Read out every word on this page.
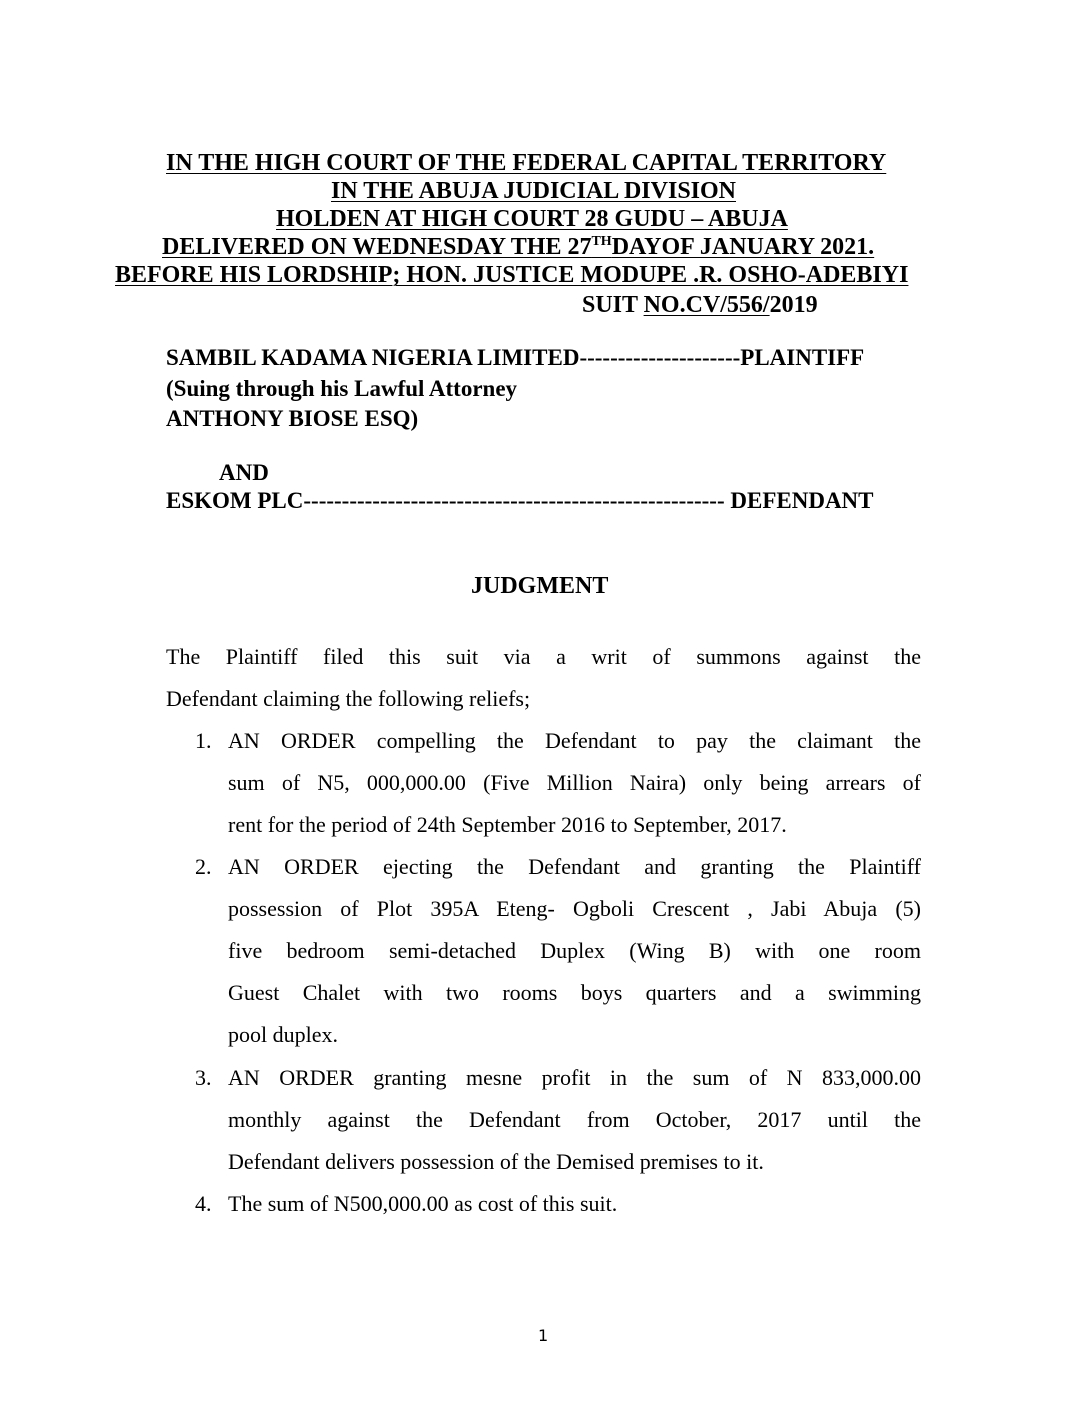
IN THE HIGH COURT OF THE FEDERAL CAPITAL TERRITORY
IN THE ABUJA JUDICIAL DIVISION
HOLDEN AT HIGH COURT 28 GUDU – ABUJA
DELIVERED ON WEDNESDAY THE 27THDAYOF JANUARY 2021.
BEFORE HIS LORDSHIP; HON. JUSTICE MODUPE .R. OSHO-ADEBIYI
SUIT NO.CV/556/2019
SAMBIL KADAMA NIGERIA LIMITED---------------------PLAINTIFF
(Suing through his Lawful Attorney
ANTHONY BIOSE ESQ)
AND
ESKOM PLC------------------------------------------------------- DEFENDANT
JUDGMENT
The Plaintiff filed this suit via a writ of summons against the
Defendant claiming the following reliefs;
1. AN ORDER compelling the Defendant to pay the claimant the
sum of N5, 000,000.00 (Five Million Naira) only being arrears of
rent for the period of 24th September 2016 to September, 2017.
2. AN ORDER ejecting the Defendant and granting the Plaintiff
possession of Plot 395A Eteng- Ogboli Crescent , Jabi Abuja (5)
five bedroom semi-detached Duplex (Wing B) with one room
Guest Chalet with two rooms boys quarters and a swimming
pool duplex.
3. AN ORDER granting mesne profit in the sum of N 833,000.00
monthly against the Defendant from October, 2017 until the
Defendant delivers possession of the Demised premises to it.
4. The sum of N500,000.00 as cost of this suit.
1
